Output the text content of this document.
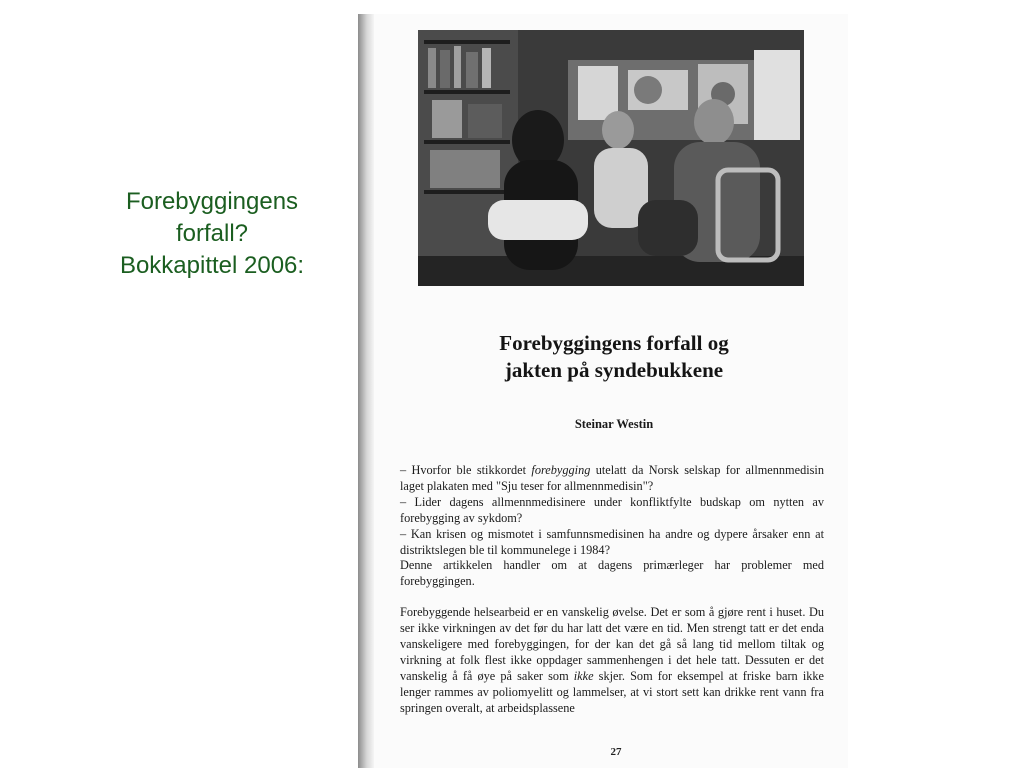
Forebyggingens
forfall?
Bokkapittel 2006:
Forebyggingens forfall og
jakten på syndebukkene
Steinar Westin

– Hvorfor ble stikkordet forebygging utelatt da Norsk selskap for allmennmedisin laget plakaten med "Sju teser for allmennmedisin"?

– Lider dagens allmennmedisinere under konfliktfylte budskap om nytten av forebygging av sykdom?

– Kan krisen og mismotet i samfunnsmedisinen ha andre og dypere årsaker enn at distriktslegen ble til kommunelege i 1984?

Denne artikkelen handler om at dagens primærleger har problemer med forebyggingen.

Forebyggende helsearbeid er en vanskelig øvelse. Det er som å gjøre rent i huset. Du ser ikke virkningen av det før du har latt det være en tid. Men strengt tatt er det enda vanskeligere med forebyggingen, for der kan det gå så lang tid mellom tiltak og virkning at folk flest ikke oppdager sammenhengen i det hele tatt. Dessuten er det vanskelig å få øye på saker som ikke skjer. Som for eksempel at friske barn ikke lenger rammes av poliomyelitt og lammelser, at vi stort sett kan drikke rent vann fra springen overalt, at arbeidsplassene

27
